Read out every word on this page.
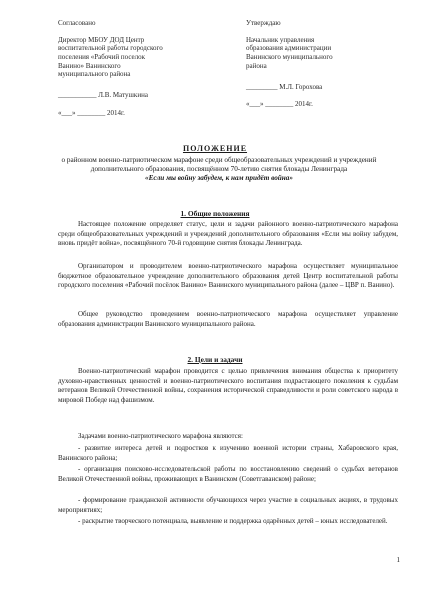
Согласовано

Директор МБОУ ДОД Центр
воспитательной работы городского
поселения «Рабочий поселок
Ванино» Ванинского
муниципального района

___________ Л.В. Матушкина

«___» ________ 2014г.

Утверждаю

Начальник управления
образования администрации
Ванинского муниципального
района

_________ М.Л. Горохова

«___» ________ 2014г.

ПОЛОЖЕНИЕ
о районном военно-патриотическом марафоне среди общеобразовательных учреждений и учреждений дополнительного образования, посвящённом 70-летию снятия блокады Ленинграда
«Если мы войну забудем, к нам придёт война»
1. Общие положения
Настоящее положение определяет статус, цели и задачи районного военно-патриотического марафона среди общеобразовательных учреждений и учреждений дополнительного образования «Если мы войну забудем, вновь придёт война», посвящённого 70-й годовщине снятия блокады Ленинграда.
Организатором и проводителем военно-патриотического марафона осуществляет муниципальное бюджетное образовательное учреждение дополнительного образования детей Центр воспитательной работы городского поселения «Рабочий посёлок Ванино» Ванинского муниципального района (далее – ЦВР п. Ванино).
Общее руководство проведением военно-патриотического марафона осуществляет управление образования администрации Ванинского муниципального района.
2. Цели и задачи
Военно-патриотический марафон проводится с целью привлечения внимания общества к приоритету духовно-нравственных ценностей и военно-патриотического воспитания подрастающего поколения к судьбам ветеранов Великой Отечественной войны, сохранения исторической справедливости и роли советского народа в мировой Победе над фашизмом.
Задачами военно-патриотического марафона являются:
- развитие интереса детей и подростков к изучению военной истории страны, Хабаровского края, Ванинского района;
- организация поисково-исследовательской работы по восстановлению сведений о судьбах ветеранов Великой Отечественной войны, проживающих в Ванинском (Советгаванском) районе;
- формирование гражданской активности обучающихся через участие в социальных акциях, в трудовых мероприятиях;
- раскрытие творческого потенциала, выявление и поддержка одарённых детей – юных исследователей.
1
